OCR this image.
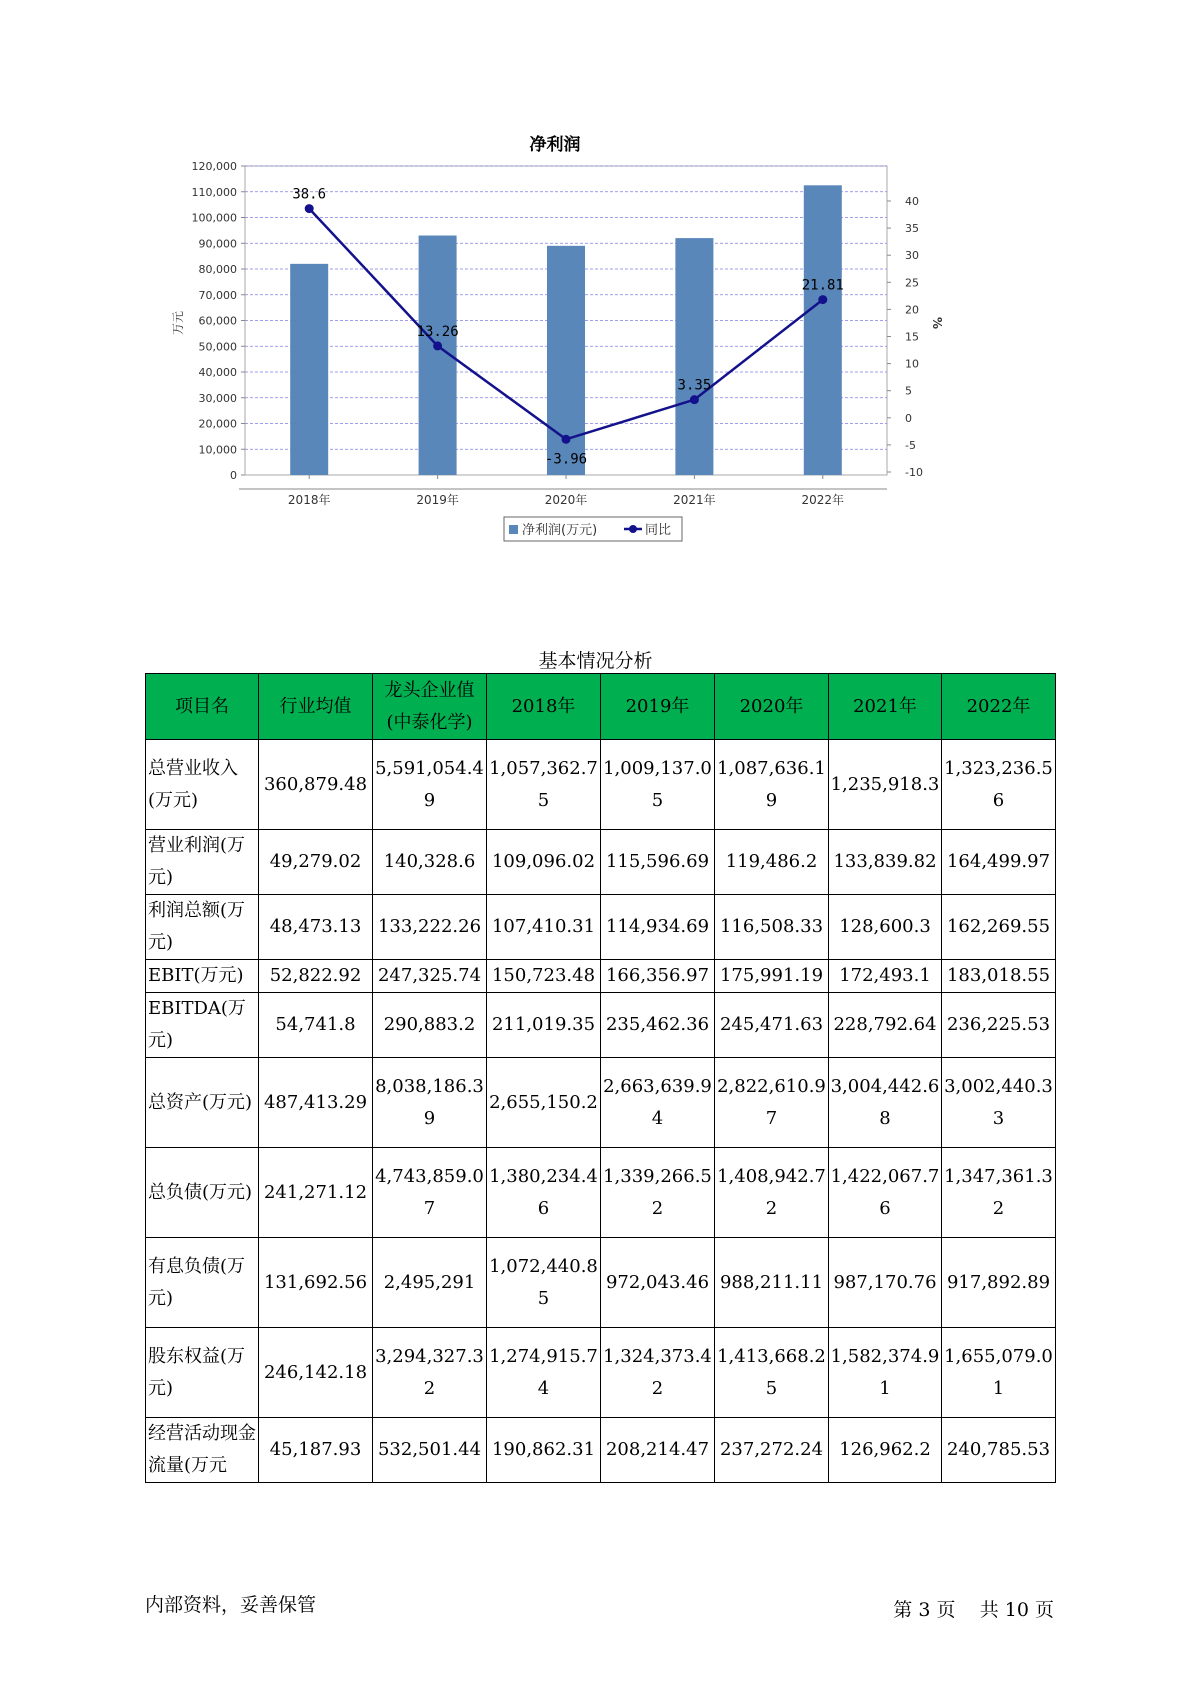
净利润
0
10,000
20,000
30,000
40,000
50,000
60,000
70,000
80,000
90,000
100,000
110,000
120,000
-10
-5
0
5
10
15
20
25
30
35
40
万元	%
2018年	2019年	2020年	2021年	2022年
38.6
13.26
-3.96
3.35
21.81
净利润(万元)	同比
基本情况分析
项目名	行业均值	龙头企业值(中泰化学)	2018年	2019年	2020年	2021年	2022年
总营业收入(万元)	360,879.48	5,591,054.49	1,057,362.75	1,009,137.05	1,087,636.19	1,235,918.3	1,323,236.56
营业利润(万元)	49,279.02	140,328.6	109,096.02	115,596.69	119,486.2	133,839.82	164,499.97
利润总额(万元)	48,473.13	133,222.26	107,410.31	114,934.69	116,508.33	128,600.3	162,269.55
EBIT(万元)	52,822.92	247,325.74	150,723.48	166,356.97	175,991.19	172,493.1	183,018.55
EBITDA(万元)	54,741.8	290,883.2	211,019.35	235,462.36	245,471.63	228,792.64	236,225.53
总资产(万元)	487,413.29	8,038,186.39	2,655,150.2	2,663,639.94	2,822,610.97	3,004,442.68	3,002,440.33
总负债(万元)	241,271.12	4,743,859.07	1,380,234.46	1,339,266.52	1,408,942.72	1,422,067.76	1,347,361.32
有息负债(万元)	131,692.56	2,495,291	1,072,440.85	972,043.46	988,211.11	987,170.76	917,892.89
股东权益(万元)	246,142.18	3,294,327.32	1,274,915.74	1,324,373.42	1,413,668.25	1,582,374.91	1,655,079.01
经营活动现金流量(万元	45,187.93	532,501.44	190,862.31	208,214.47	237,272.24	126,962.2	240,785.53
内部资料，妥善保管	第 3 页 共 10 页
